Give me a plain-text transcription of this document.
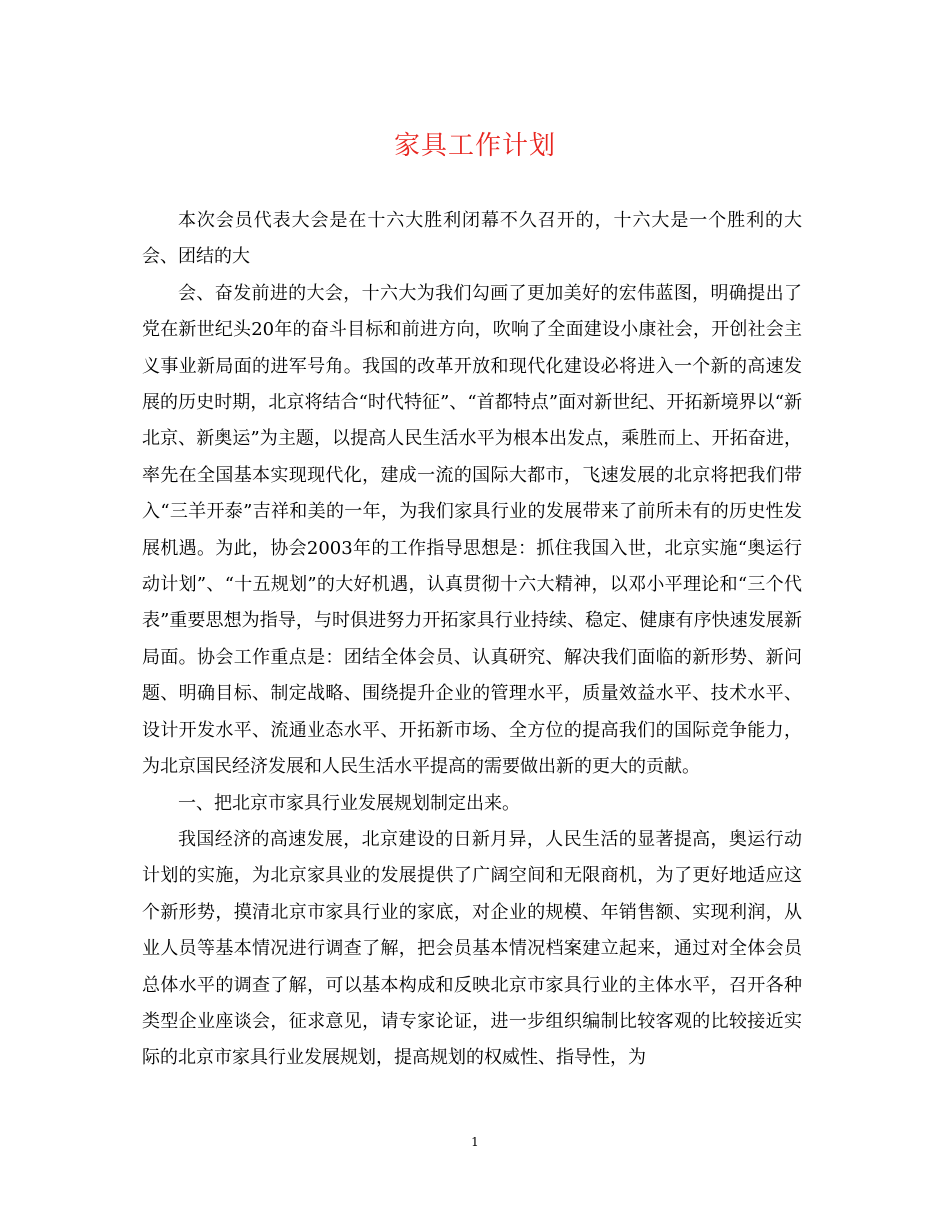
家具工作计划

本次会员代表大会是在十六大胜利闭幕不久召开的，十六大是一个胜利的大会、团结的大

会、奋发前进的大会，十六大为我们勾画了更加美好的宏伟蓝图，明确提出了党在新世纪头20年的奋斗目标和前进方向，吹响了全面建设小康社会，开创社会主义事业新局面的进军号角。我国的改革开放和现代化建设必将进入一个新的高速发展的历史时期，北京将结合“时代特征”、“首都特点”面对新世纪、开拓新境界以“新北京、新奥运”为主题，以提高人民生活水平为根本出发点，乘胜而上、开拓奋进，率先在全国基本实现现代化，建成一流的国际大都市，飞速发展的北京将把我们带入“三羊开泰”吉祥和美的一年，为我们家具行业的发展带来了前所未有的历史性发展机遇。为此，协会2003年的工作指导思想是：抓住我国入世，北京实施“奥运行动计划”、“十五规划”的大好机遇，认真贯彻十六大精神，以邓小平理论和“三个代表”重要思想为指导，与时俱进努力开拓家具行业持续、稳定、健康有序快速发展新局面。协会工作重点是：团结全体会员、认真研究、解决我们面临的新形势、新问题、明确目标、制定战略、围绕提升企业的管理水平，质量效益水平、技术水平、设计开发水平、流通业态水平、开拓新市场、全方位的提高我们的国际竞争能力，为北京国民经济发展和人民生活水平提高的需要做出新的更大的贡献。

一、把北京市家具行业发展规划制定出来。

我国经济的高速发展，北京建设的日新月异，人民生活的显著提高，奥运行动计划的实施，为北京家具业的发展提供了广阔空间和无限商机，为了更好地适应这个新形势，摸清北京市家具行业的家底，对企业的规模、年销售额、实现利润，从业人员等基本情况进行调查了解，把会员基本情况档案建立起来，通过对全体会员总体水平的调查了解，可以基本构成和反映北京市家具行业的主体水平，召开各种类型企业座谈会，征求意见，请专家论证，进一步组织编制比较客观的比较接近实际的北京市家具行业发展规划，提高规划的权威性、指导性，为

1
